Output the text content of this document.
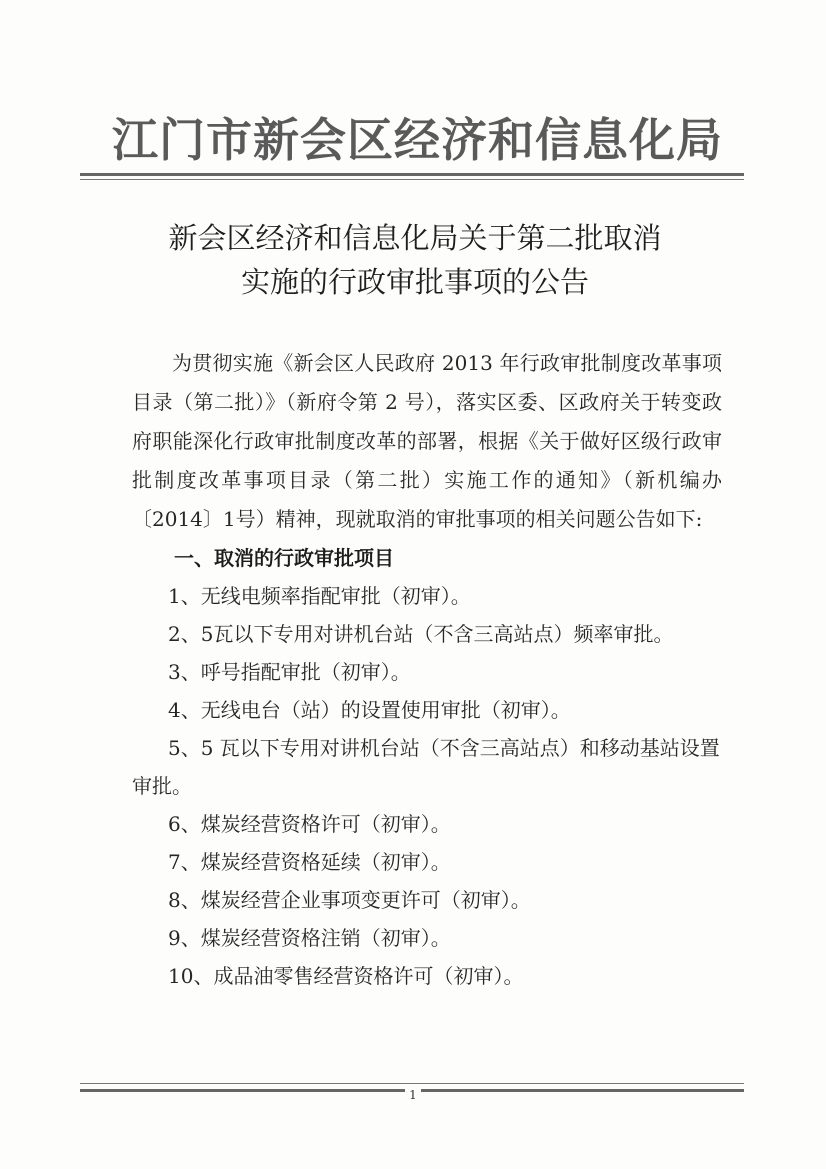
江门市新会区经济和信息化局
新会区经济和信息化局关于第二批取消
实施的行政审批事项的公告

为贯彻实施《新会区人民政府 2013 年行政审批制度改革事项目录（第二批）》（新府令第 2 号），落实区委、区政府关于转变政府职能深化行政审批制度改革的部署，根据《关于做好区级行政审批制度改革事项目录（第二批）实施工作的通知》（新机编办〔2014〕1号）精神，现就取消的审批事项的相关问题公告如下:

一、取消的行政审批项目

1、无线电频率指配审批（初审）。
2、5瓦以下专用对讲机台站（不含三高站点）频率审批。
3、呼号指配审批（初审）。
4、无线电台（站）的设置使用审批（初审）。
5、5 瓦以下专用对讲机台站（不含三高站点）和移动基站设置审批。
6、煤炭经营资格许可（初审）。
7、煤炭经营资格延续（初审）。
8、煤炭经营企业事项变更许可（初审）。
9、煤炭经营资格注销（初审）。
10、成品油零售经营资格许可（初审）。
1
